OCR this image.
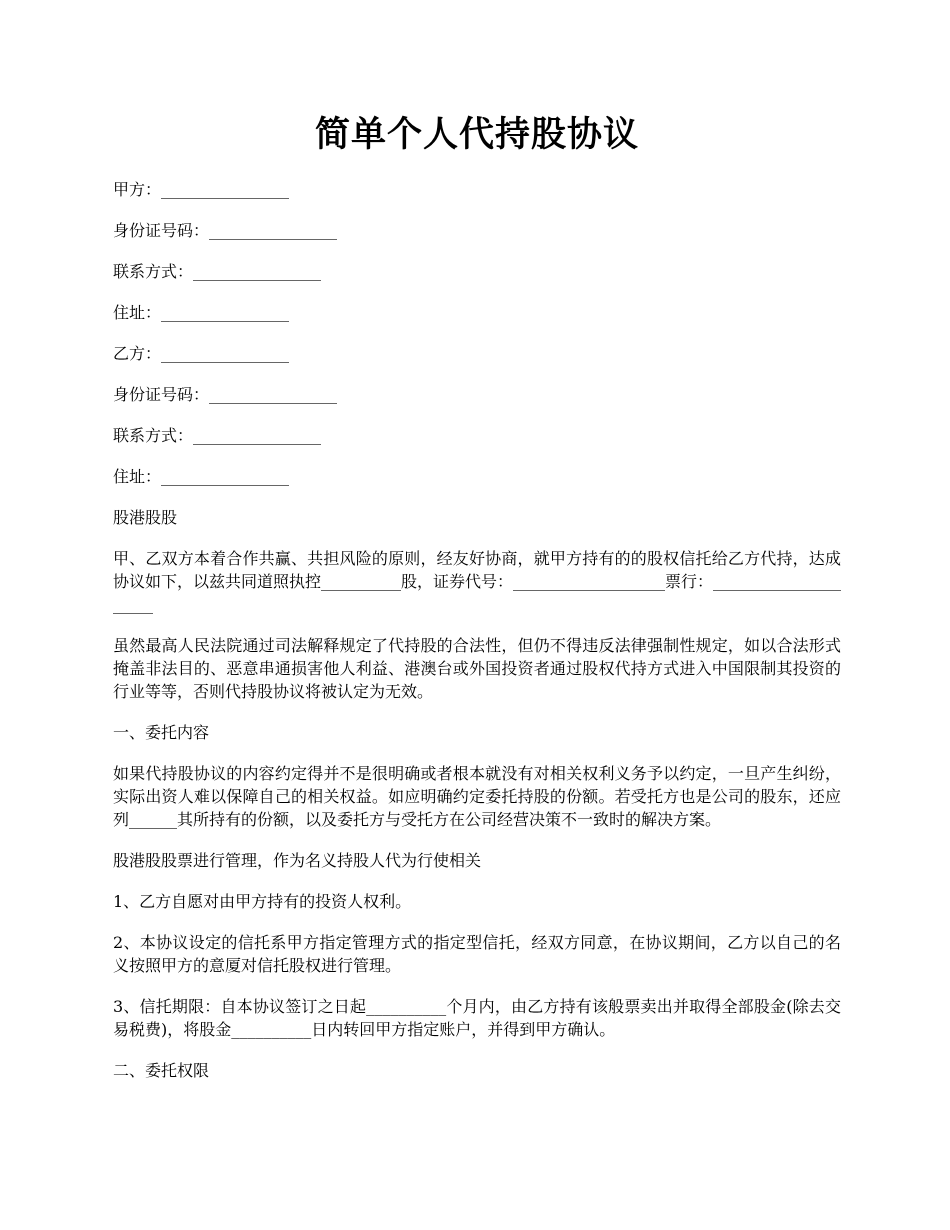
简单个人代持股协议

甲方：________________

身份证号码：________________

联系方式：________________

住址：________________

乙方：________________

身份证号码：________________

联系方式：________________

住址：________________

股港股股

甲、乙双方本着合作共赢、共担风险的原则，经友好协商，就甲方持有的的股权信托给乙方代持，达成协议如下，以兹共同道照执控__________股，证券代号：___________________票行：_____________________

虽然最高人民法院通过司法解释规定了代持股的合法性，但仍不得违反法律强制性规定，如以合法形式掩盖非法目的、恶意串通损害他人利益、港澳台或外国投资者通过股权代持方式进入中国限制其投资的行业等等，否则代持股协议将被认定为无效。

一、委托内容

如果代持股协议的内容约定得并不是很明确或者根本就没有对相关权利义务予以约定，一旦产生纠纷，实际出资人难以保障自己的相关权益。如应明确约定委托持股的份额。若受托方也是公司的股东，还应列______其所持有的份额，以及委托方与受托方在公司经营决策不一致时的解决方案。

股港股股票进行管理，作为名义持股人代为行使相关

1、乙方自愿对由甲方持有的投资人权利。

2、本协议设定的信托系甲方指定管理方式的指定型信托，经双方同意，在协议期间，乙方以自己的名义按照甲方的意厦对信托股权进行管理。

3、信托期限：自本协议签订之日起__________个月内，由乙方持有该般票卖出并取得全部股金(除去交易税费)，将股金__________日内转回甲方指定账户，并得到甲方确认。

二、委托权限
